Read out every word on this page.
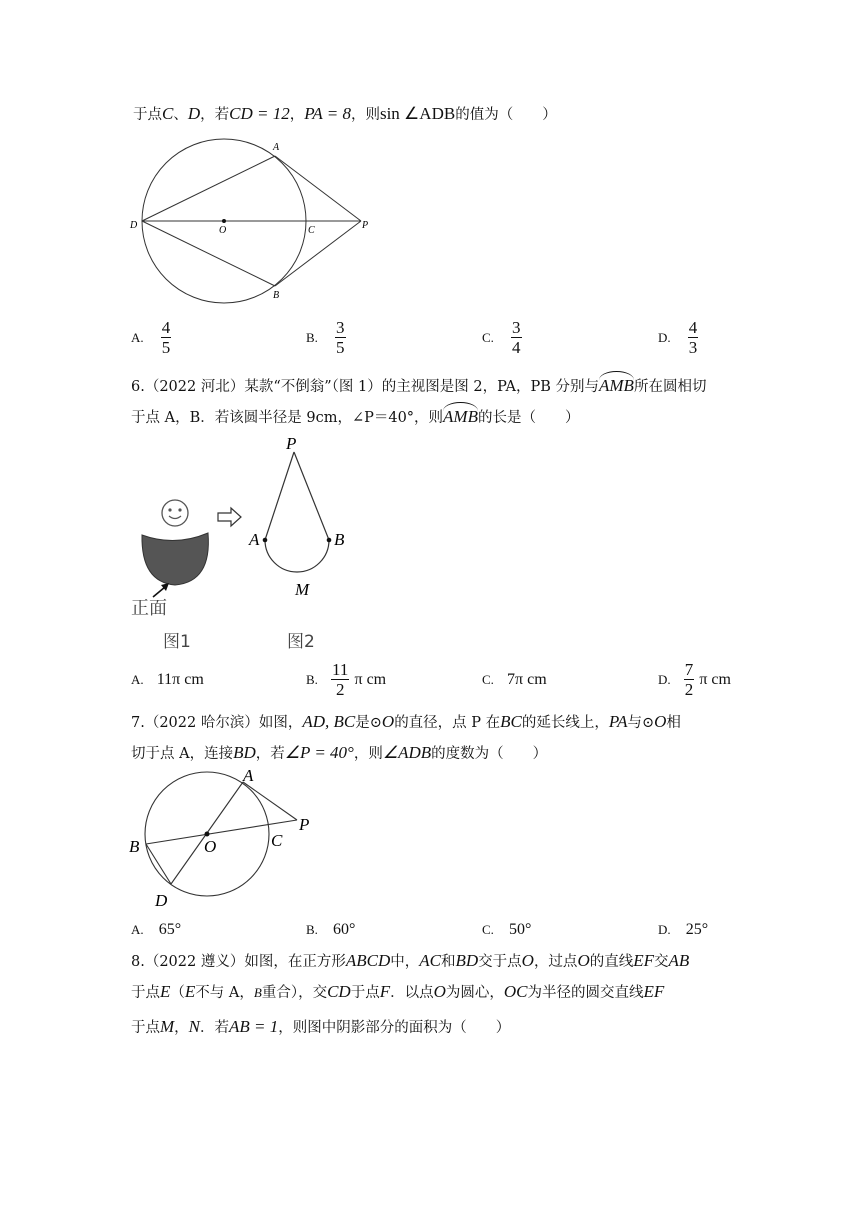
于点C、D，若CD = 12，PA = 8，则sin ∠ADB的值为（　　）
A
B
C
D	O	P
A. $\frac{4}{5}$	B. $\frac{3}{5}$	C. $\frac{3}{4}$	D. $\frac{4}{3}$
6.（2022 河北）某款“不倒翁”（图 1）的主视图是图 2，PA，PB 分别与AMB所在圆相切
于点 A，B．若该圆半径是 9cm，∠P＝40°，则AMB的长是（　　）
P
A	B
M
正面
图1	图2
A. 11π cm	B. $\frac{11}{2}$ π cm	C. 7π cm	D. $\frac{7}{2}$ π cm
7.（2022 哈尔滨）如图，AD, BC是⊙O的直径，点 P 在BC的延长线上，PA与⊙O相
切于点 A，连接BD，若∠P = 40°，则∠ADB的度数为（　　）
A
B	C
D
O
P
A. 65°	B. 60°	C. 50°	D. 25°
8.（2022 遵义）如图，在正方形ABCD中，AC和BD交于点O，过点O的直线EF交AB
于点E（E不与 A，B重合），交CD于点F．以点O为圆心，OC为半径的圆交直线EF
于点M，N．若AB = 1，则图中阴影部分的面积为（　　）
